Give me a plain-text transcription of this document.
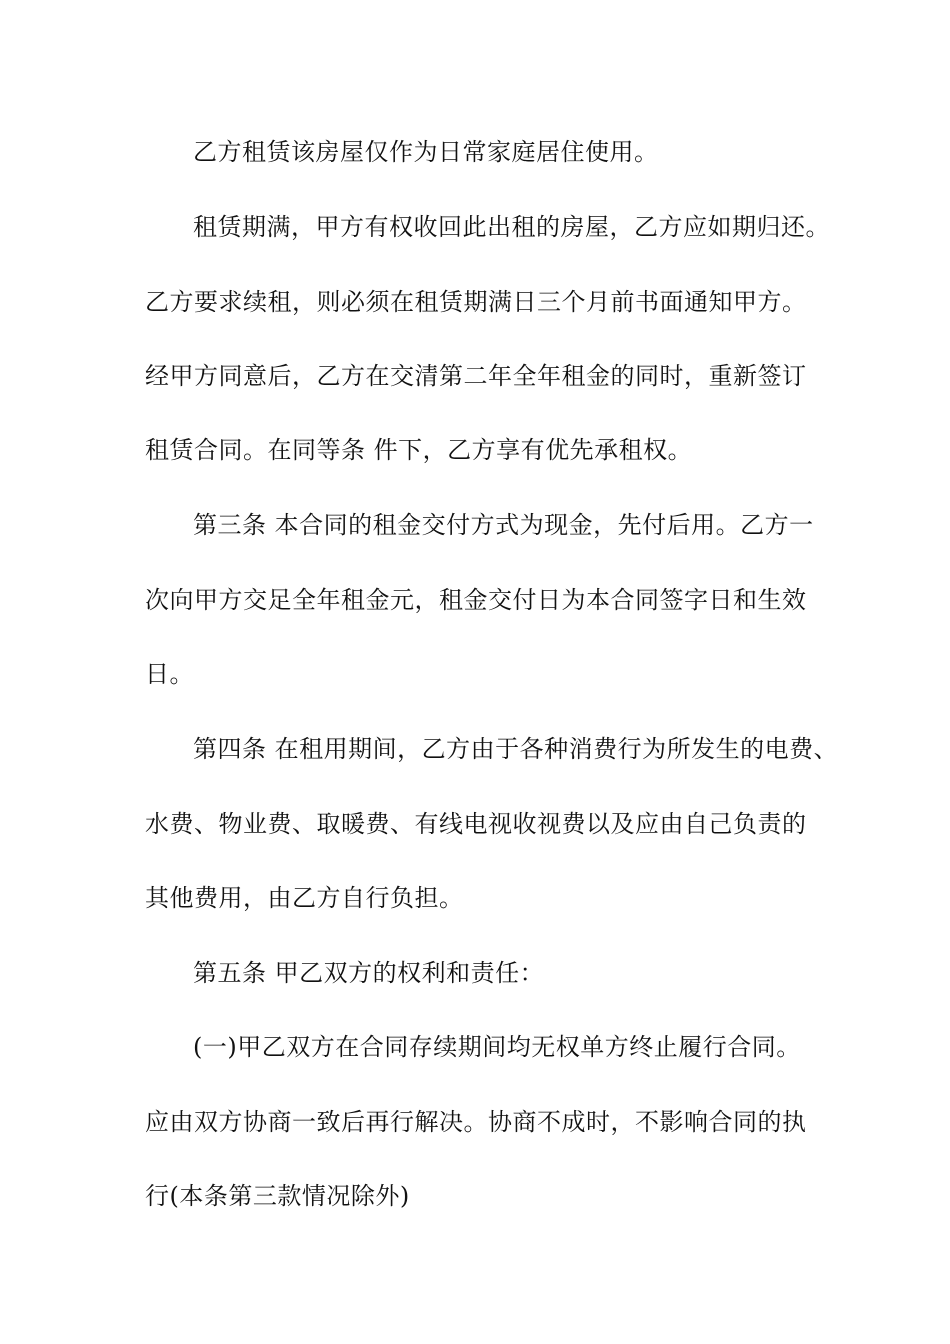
乙方租赁该房屋仅作为日常家庭居住使用。
租赁期满，甲方有权收回此出租的房屋，乙方应如期归还。
乙方要求续租，则必须在租赁期满日三个月前书面通知甲方。
经甲方同意后，乙方在交清第二年全年租金的同时，重新签订
租赁合同。在同等条 件下，乙方享有优先承租权。
第三条 本合同的租金交付方式为现金，先付后用。乙方一
次向甲方交足全年租金元，租金交付日为本合同签字日和生效
日。
第四条 在租用期间，乙方由于各种消费行为所发生的电费、
水费、物业费、取暖费、有线电视收视费以及应由自己负责的
其他费用，由乙方自行负担。
第五条 甲乙双方的权利和责任：
(一)甲乙双方在合同存续期间均无权单方终止履行合同。
应由双方协商一致后再行解决。协商不成时，不影响合同的执
行(本条第三款情况除外)
